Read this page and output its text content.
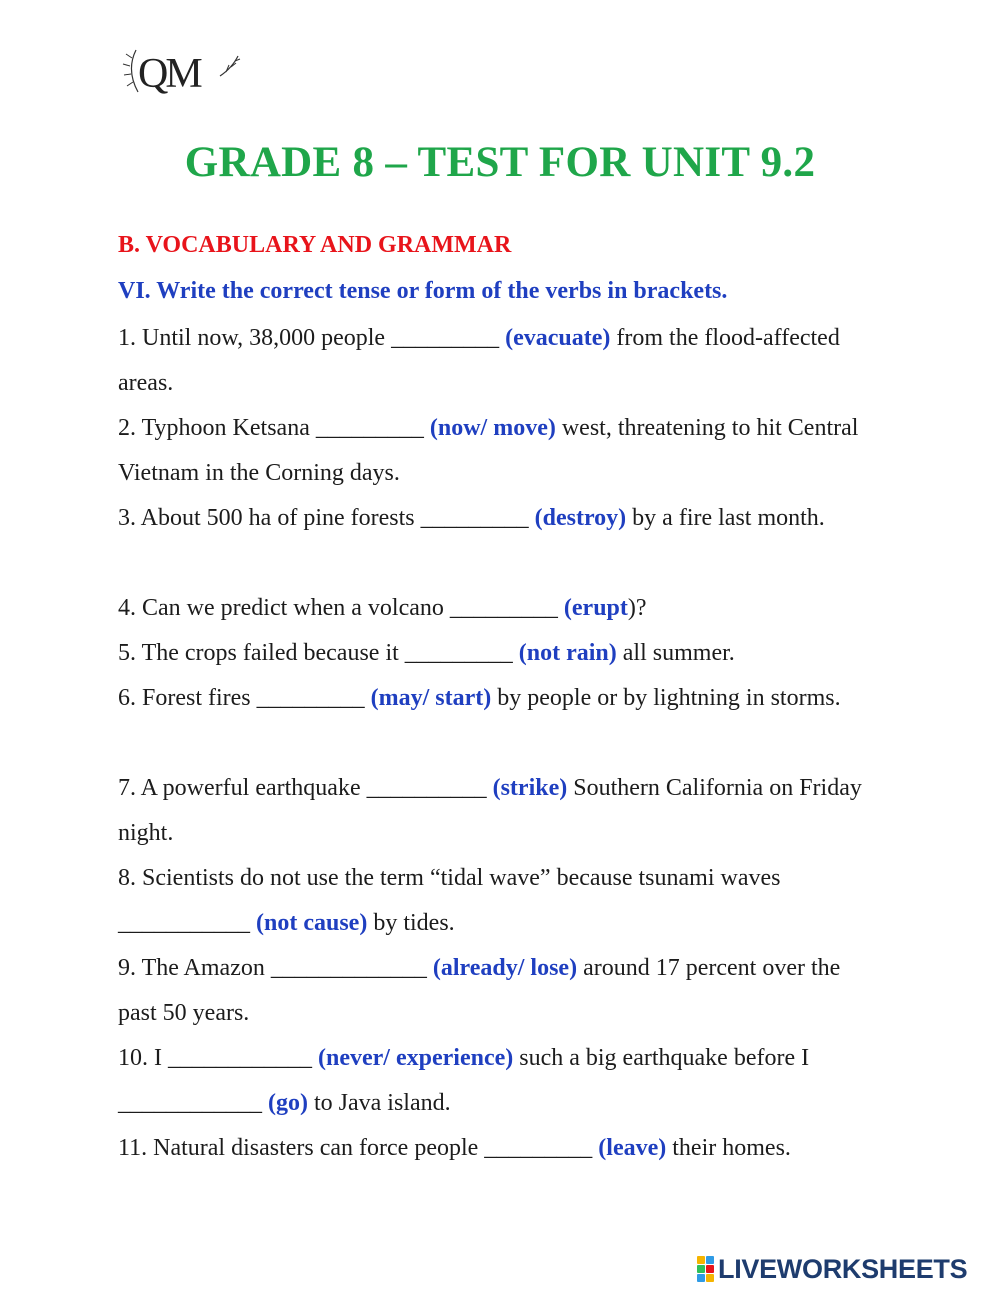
QM
GRADE 8 – TEST FOR UNIT 9.2
B. VOCABULARY AND GRAMMAR
VI. Write the correct tense or form of the verbs in brackets.
1. Until now, 38,000 people _________ (evacuate) from the flood-affected areas.
2. Typhoon Ketsana _________ (now/ move) west, threatening to hit Central Vietnam in the Corning days.
3. About 500 ha of pine forests _________ (destroy) by a fire last month.
4. Can we predict when a volcano _________ (erupt)?
5. The crops failed because it _________ (not rain) all summer.
6. Forest fires _________ (may/ start) by people or by lightning in storms.
7. A powerful earthquake __________ (strike) Southern California on Friday night.
8. Scientists do not use the term “tidal wave” because tsunami waves ___________ (not cause) by tides.
9. The Amazon _____________ (already/ lose) around 17 percent over the past 50 years.
10. I ____________ (never/ experience) such a big earthquake before I ____________ (go) to Java island.
11. Natural disasters can force people _________ (leave) their homes.
LIVEWORKSHEETS
